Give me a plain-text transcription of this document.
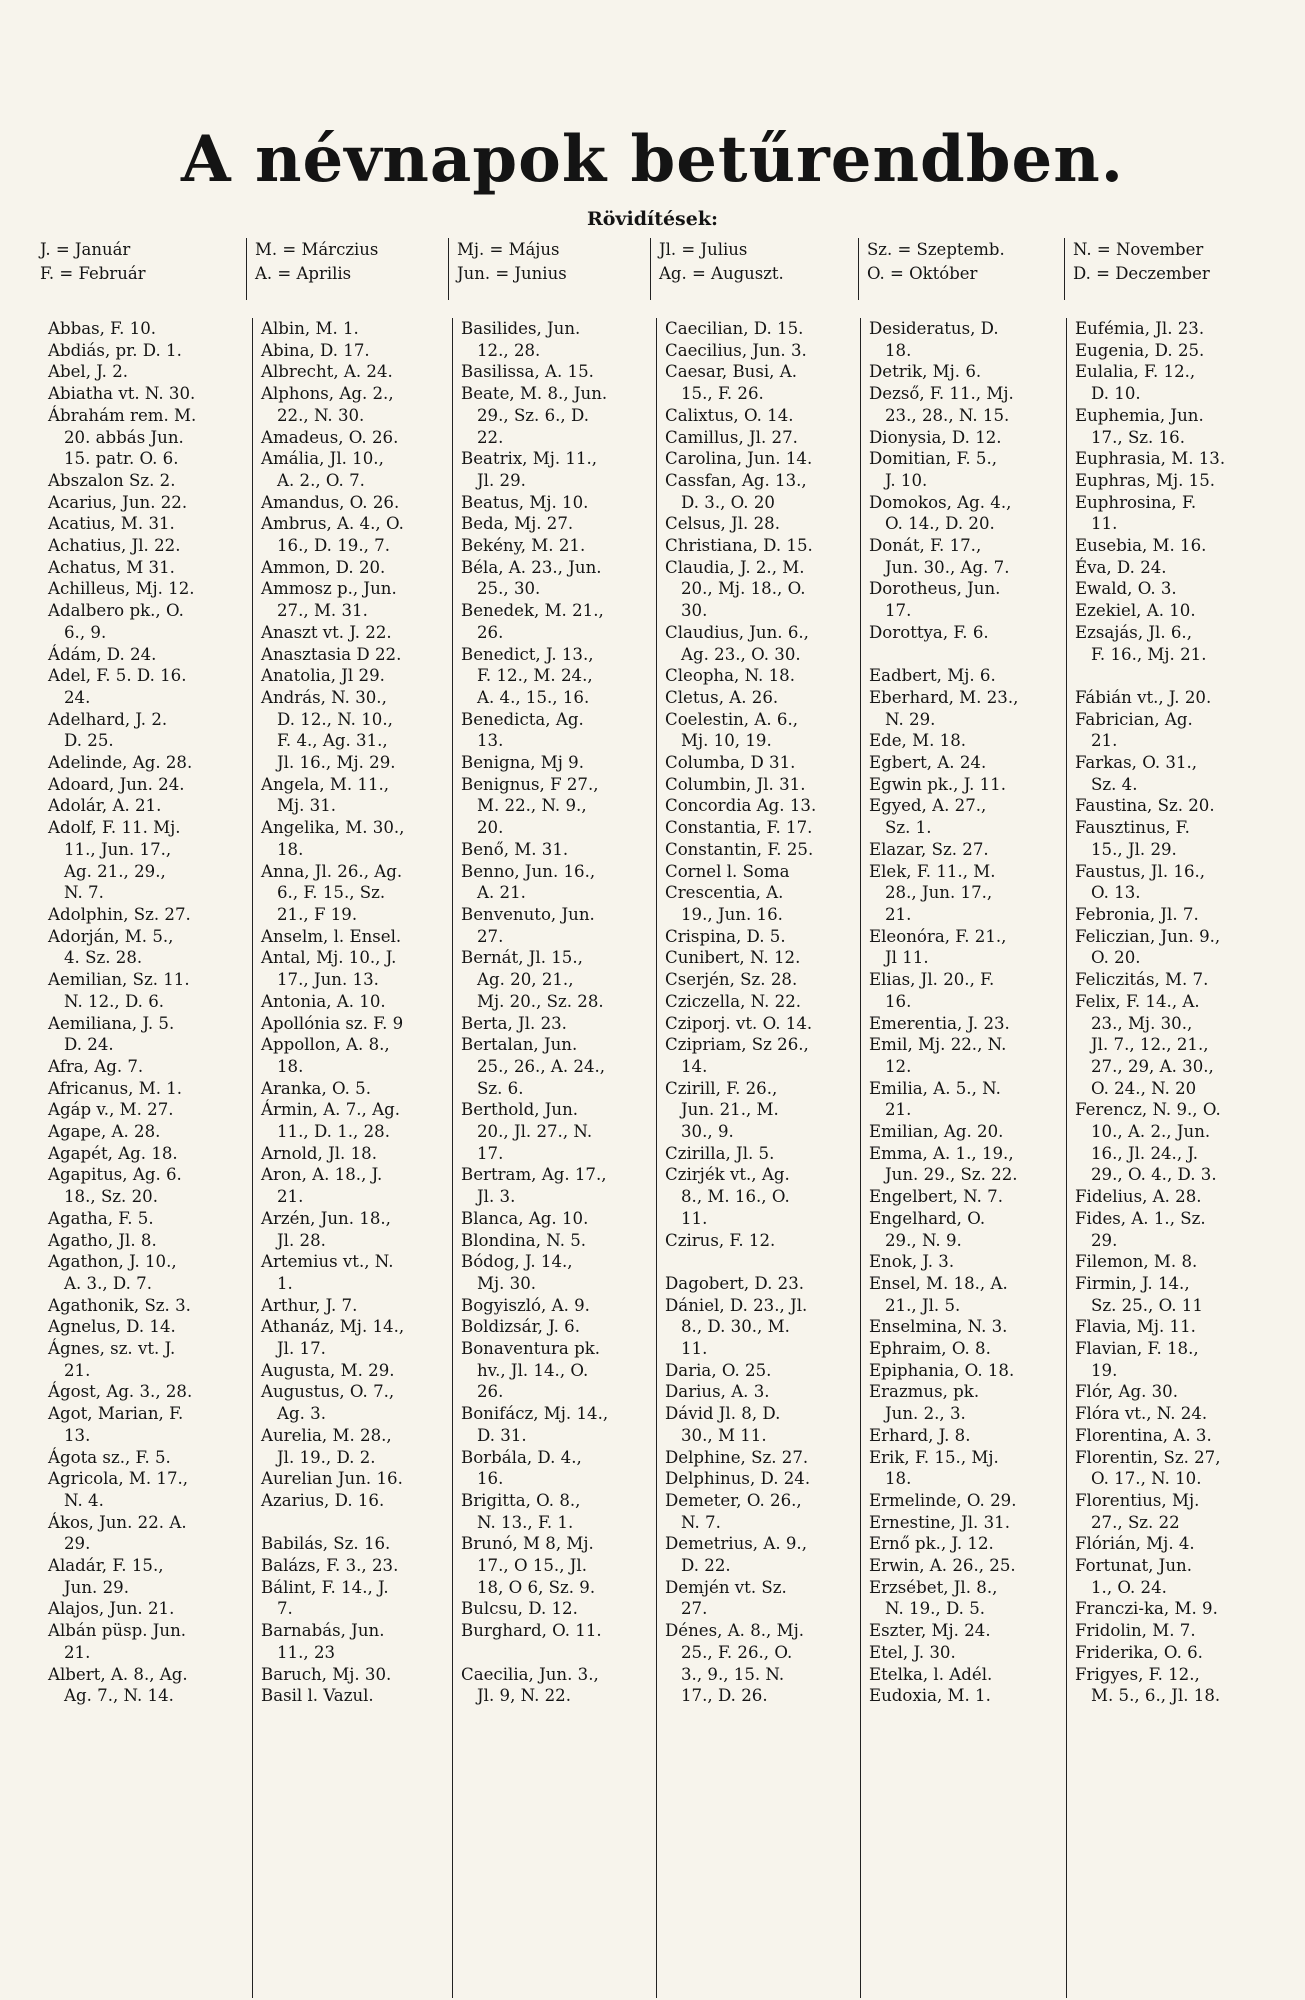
A névnapok betűrendben.
Rövidítések:
J. = Január
F. = Február
M. = Márczius
A. = Aprilis
Mj. = Május
Jun. = Junius
Jl. = Julius
Ag. = Auguszt.
Sz. = Szeptemb.
O. = Október
N. = November
D. = Deczember
Abbas, F. 10.
Abdiás, pr. D. 1.
Abel, J. 2.
Abiatha vt. N. 30.
Ábrahám rem. M.
20. abbás Jun.
15. patr. O. 6.
Abszalon Sz. 2.
Acarius, Jun. 22.
Acatius, M. 31.
Achatius, Jl. 22.
Achatus, M 31.
Achilleus, Mj. 12.
Adalbero pk., O.
6., 9.
Ádám, D. 24.
Adel, F. 5. D. 16.
24.
Adelhard, J. 2.
D. 25.
Adelinde, Ag. 28.
Adoard, Jun. 24.
Adolár, A. 21.
Adolf, F. 11. Mj.
11., Jun. 17.,
Ag. 21., 29.,
N. 7.
Adolphin, Sz. 27.
Adorján, M. 5.,
4. Sz. 28.
Aemilian, Sz. 11.
N. 12., D. 6.
Aemiliana, J. 5.
D. 24.
Afra, Ag. 7.
Africanus, M. 1.
Agáp v., M. 27.
Agape, A. 28.
Agapét, Ag. 18.
Agapitus, Ag. 6.
18., Sz. 20.
Agatha, F. 5.
Agatho, Jl. 8.
Agathon, J. 10.,
A. 3., D. 7.
Agathonik, Sz. 3.
Agnelus, D. 14.
Ágnes, sz. vt. J.
21.
Ágost, Ag. 3., 28.
Agot, Marian, F.
13.
Ágota sz., F. 5.
Agricola, M. 17.,
N. 4.
Ákos, Jun. 22. A.
29.
Aladár, F. 15.,
Jun. 29.
Alajos, Jun. 21.
Albán püsp. Jun.
21.
Albert, A. 8., Ag.
Ag. 7., N. 14.
Albin, M. 1.
Abina, D. 17.
Albrecht, A. 24.
Alphons, Ag. 2.,
22., N. 30.
Amadeus, O. 26.
Amália, Jl. 10.,
A. 2., O. 7.
Amandus, O. 26.
Ambrus, A. 4., O.
16., D. 19., 7.
Ammon, D. 20.
Ammosz p., Jun.
27., M. 31.
Anaszt vt. J. 22.
Anasztasia D 22.
Anatolia, Jl 29.
András, N. 30.,
D. 12., N. 10.,
F. 4., Ag. 31.,
Jl. 16., Mj. 29.
Angela, M. 11.,
Mj. 31.
Angelika, M. 30.,
18.
Anna, Jl. 26., Ag.
6., F. 15., Sz.
21., F 19.
Anselm, l. Ensel.
Antal, Mj. 10., J.
17., Jun. 13.
Antonia, A. 10.
Apollónia sz. F. 9
Appollon, A. 8.,
18.
Aranka, O. 5.
Ármin, A. 7., Ag.
11., D. 1., 28.
Arnold, Jl. 18.
Aron, A. 18., J.
21.
Arzén, Jun. 18.,
Jl. 28.
Artemius vt., N.
1.
Arthur, J. 7.
Athanáz, Mj. 14.,
Jl. 17.
Augusta, M. 29.
Augustus, O. 7.,
Ag. 3.
Aurelia, M. 28.,
Jl. 19., D. 2.
Aurelian Jun. 16.
Azarius, D. 16.

Babilás, Sz. 16.
Balázs, F. 3., 23.
Bálint, F. 14., J.
7.
Barnabás, Jun.
11., 23
Baruch, Mj. 30.
Basil l. Vazul.
Basilides, Jun.
12., 28.
Basilissa, A. 15.
Beate, M. 8., Jun.
29., Sz. 6., D.
22.
Beatrix, Mj. 11.,
Jl. 29.
Beatus, Mj. 10.
Beda, Mj. 27.
Bekény, M. 21.
Béla, A. 23., Jun.
25., 30.
Benedek, M. 21.,
26.
Benedict, J. 13.,
F. 12., M. 24.,
A. 4., 15., 16.
Benedicta, Ag.
13.
Benigna, Mj 9.
Benignus, F 27.,
M. 22., N. 9.,
20.
Benő, M. 31.
Benno, Jun. 16.,
A. 21.
Benvenuto, Jun.
27.
Bernát, Jl. 15.,
Ag. 20, 21.,
Mj. 20., Sz. 28.
Berta, Jl. 23.
Bertalan, Jun.
25., 26., A. 24.,
Sz. 6.
Berthold, Jun.
20., Jl. 27., N.
17.
Bertram, Ag. 17.,
Jl. 3.
Blanca, Ag. 10.
Blondina, N. 5.
Bódog, J. 14.,
Mj. 30.
Bogyiszló, A. 9.
Boldizsár, J. 6.
Bonaventura pk.
hv., Jl. 14., O.
26.
Bonifácz, Mj. 14.,
D. 31.
Borbála, D. 4.,
16.
Brigitta, O. 8.,
N. 13., F. 1.
Brunó, M 8, Mj.
17., O 15., Jl.
18, O 6, Sz. 9.
Bulcsu, D. 12.
Burghard, O. 11.

Caecilia, Jun. 3.,
Jl. 9, N. 22.
Caecilian, D. 15.
Caecilius, Jun. 3.
Caesar, Busi, A.
15., F. 26.
Calixtus, O. 14.
Camillus, Jl. 27.
Carolina, Jun. 14.
Cassfan, Ag. 13.,
D. 3., O. 20
Celsus, Jl. 28.
Christiana, D. 15.
Claudia, J. 2., M.
20., Mj. 18., O.
30.
Claudius, Jun. 6.,
Ag. 23., O. 30.
Cleopha, N. 18.
Cletus, A. 26.
Coelestin, A. 6.,
Mj. 10, 19.
Columba, D 31.
Columbin, Jl. 31.
Concordia Ag. 13.
Constantia, F. 17.
Constantin, F. 25.
Cornel l. Soma
Crescentia, A.
19., Jun. 16.
Crispina, D. 5.
Cunibert, N. 12.
Cserjén, Sz. 28.
Cziczella, N. 22.
Cziporj. vt. O. 14.
Czipriam, Sz 26.,
14.
Czirill, F. 26.,
Jun. 21., M.
30., 9.
Czirilla, Jl. 5.
Czirjék vt., Ag.
8., M. 16., O.
11.
Czirus, F. 12.

Dagobert, D. 23.
Dániel, D. 23., Jl.
8., D. 30., M.
11.
Daria, O. 25.
Darius, A. 3.
Dávid Jl. 8, D.
30., M 11.
Delphine, Sz. 27.
Delphinus, D. 24.
Demeter, O. 26.,
N. 7.
Demetrius, A. 9.,
D. 22.
Demjén vt. Sz.
27.
Dénes, A. 8., Mj.
25., F. 26., O.
3., 9., 15. N.
17., D. 26.
Desideratus, D.
18.
Detrik, Mj. 6.
Dezső, F. 11., Mj.
23., 28., N. 15.
Dionysia, D. 12.
Domitian, F. 5.,
J. 10.
Domokos, Ag. 4.,
O. 14., D. 20.
Donát, F. 17.,
Jun. 30., Ag. 7.
Dorotheus, Jun.
17.
Dorottya, F. 6.

Eadbert, Mj. 6.
Eberhard, M. 23.,
N. 29.
Ede, M. 18.
Egbert, A. 24.
Egwin pk., J. 11.
Egyed, A. 27.,
Sz. 1.
Elazar, Sz. 27.
Elek, F. 11., M.
28., Jun. 17.,
21.
Eleonóra, F. 21.,
Jl 11.
Elias, Jl. 20., F.
16.
Emerentia, J. 23.
Emil, Mj. 22., N.
12.
Emilia, A. 5., N.
21.
Emilian, Ag. 20.
Emma, A. 1., 19.,
Jun. 29., Sz. 22.
Engelbert, N. 7.
Engelhard, O.
29., N. 9.
Enok, J. 3.
Ensel, M. 18., A.
21., Jl. 5.
Enselmina, N. 3.
Ephraim, O. 8.
Epiphania, O. 18.
Erazmus, pk.
Jun. 2., 3.
Erhard, J. 8.
Erik, F. 15., Mj.
18.
Ermelinde, O. 29.
Ernestine, Jl. 31.
Ernő pk., J. 12.
Erwin, A. 26., 25.
Erzsébet, Jl. 8.,
N. 19., D. 5.
Eszter, Mj. 24.
Etel, J. 30.
Etelka, l. Adél.
Eudoxia, M. 1.
Eufémia, Jl. 23.
Eugenia, D. 25.
Eulalia, F. 12.,
D. 10.
Euphemia, Jun.
17., Sz. 16.
Euphrasia, M. 13.
Euphras, Mj. 15.
Euphrosina, F.
11.
Eusebia, M. 16.
Éva, D. 24.
Ewald, O. 3.
Ezekiel, A. 10.
Ezsajás, Jl. 6.,
F. 16., Mj. 21.

Fábián vt., J. 20.
Fabrician, Ag.
21.
Farkas, O. 31.,
Sz. 4.
Faustina, Sz. 20.
Fausztinus, F.
15., Jl. 29.
Faustus, Jl. 16.,
O. 13.
Febronia, Jl. 7.
Feliczian, Jun. 9.,
O. 20.
Feliczitás, M. 7.
Felix, F. 14., A.
23., Mj. 30.,
Jl. 7., 12., 21.,
27., 29, A. 30.,
O. 24., N. 20
Ferencz, N. 9., O.
10., A. 2., Jun.
16., Jl. 24., J.
29., O. 4., D. 3.
Fidelius, A. 28.
Fides, A. 1., Sz.
29.
Filemon, M. 8.
Firmin, J. 14.,
Sz. 25., O. 11
Flavia, Mj. 11.
Flavian, F. 18.,
19.
Flór, Ag. 30.
Flóra vt., N. 24.
Florentina, A. 3.
Florentin, Sz. 27,
O. 17., N. 10.
Florentius, Mj.
27., Sz. 22
Flórián, Mj. 4.
Fortunat, Jun.
1., O. 24.
Franczi-ka, M. 9.
Fridolin, M. 7.
Friderika, O. 6.
Frigyes, F. 12.,
M. 5., 6., Jl. 18.
